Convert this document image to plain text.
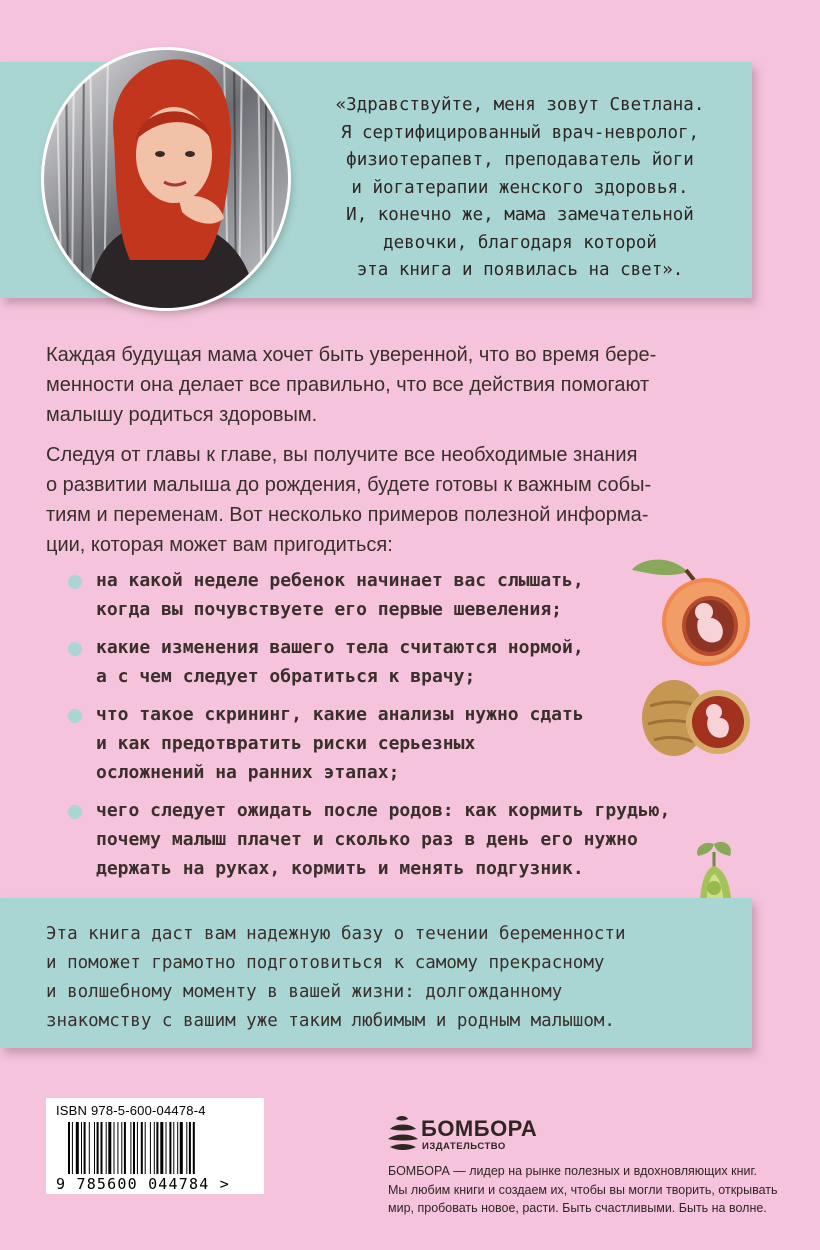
«Здравствуйте, меня зовут Светлана.
Я сертифицированный врач-невролог,
физиотерапевт, преподаватель йоги
и йогатерапии женского здоровья.
И, конечно же, мама замечательной
девочки, благодаря которой
эта книга и появилась на свет».

Каждая будущая мама хочет быть уверенной, что во время бере-
менности она делает все правильно, что все действия помогают
малышу родиться здоровым.

Следуя от главы к главе, вы получите все необходимые знания
о развитии малыша до рождения, будете готовы к важным собы-
тиям и переменам. Вот несколько примеров полезной информа-
ции, которая может вам пригодиться:

на какой неделе ребенок начинает вас слышать,
когда вы почувствуете его первые шевеления;
какие изменения вашего тела считаются нормой,
а с чем следует обратиться к врачу;
что такое скрининг, какие анализы нужно сдать
и как предотвратить риски серьезных
осложнений на ранних этапах;
чего следует ожидать после родов: как кормить грудью,
почему малыш плачет и сколько раз в день его нужно
держать на руках, кормить и менять подгузник.

Эта книга даст вам надежную базу о течении беременности
и поможет грамотно подготовиться к самому прекрасному
и волшебному моменту в вашей жизни: долгожданному
знакомству с вашим уже таким любимым и родным малышом.

ISBN 978-5-600-04478-4
9 785600 044784 >
БОМБОРА
ИЗДАТЕЛЬСТВО

БОМБОРА — лидер на рынке полезных и вдохновляющих книг.
Мы любим книги и создаем их, чтобы вы могли творить, открывать
мир, пробовать новое, расти. Быть счастливыми. Быть на волне.
